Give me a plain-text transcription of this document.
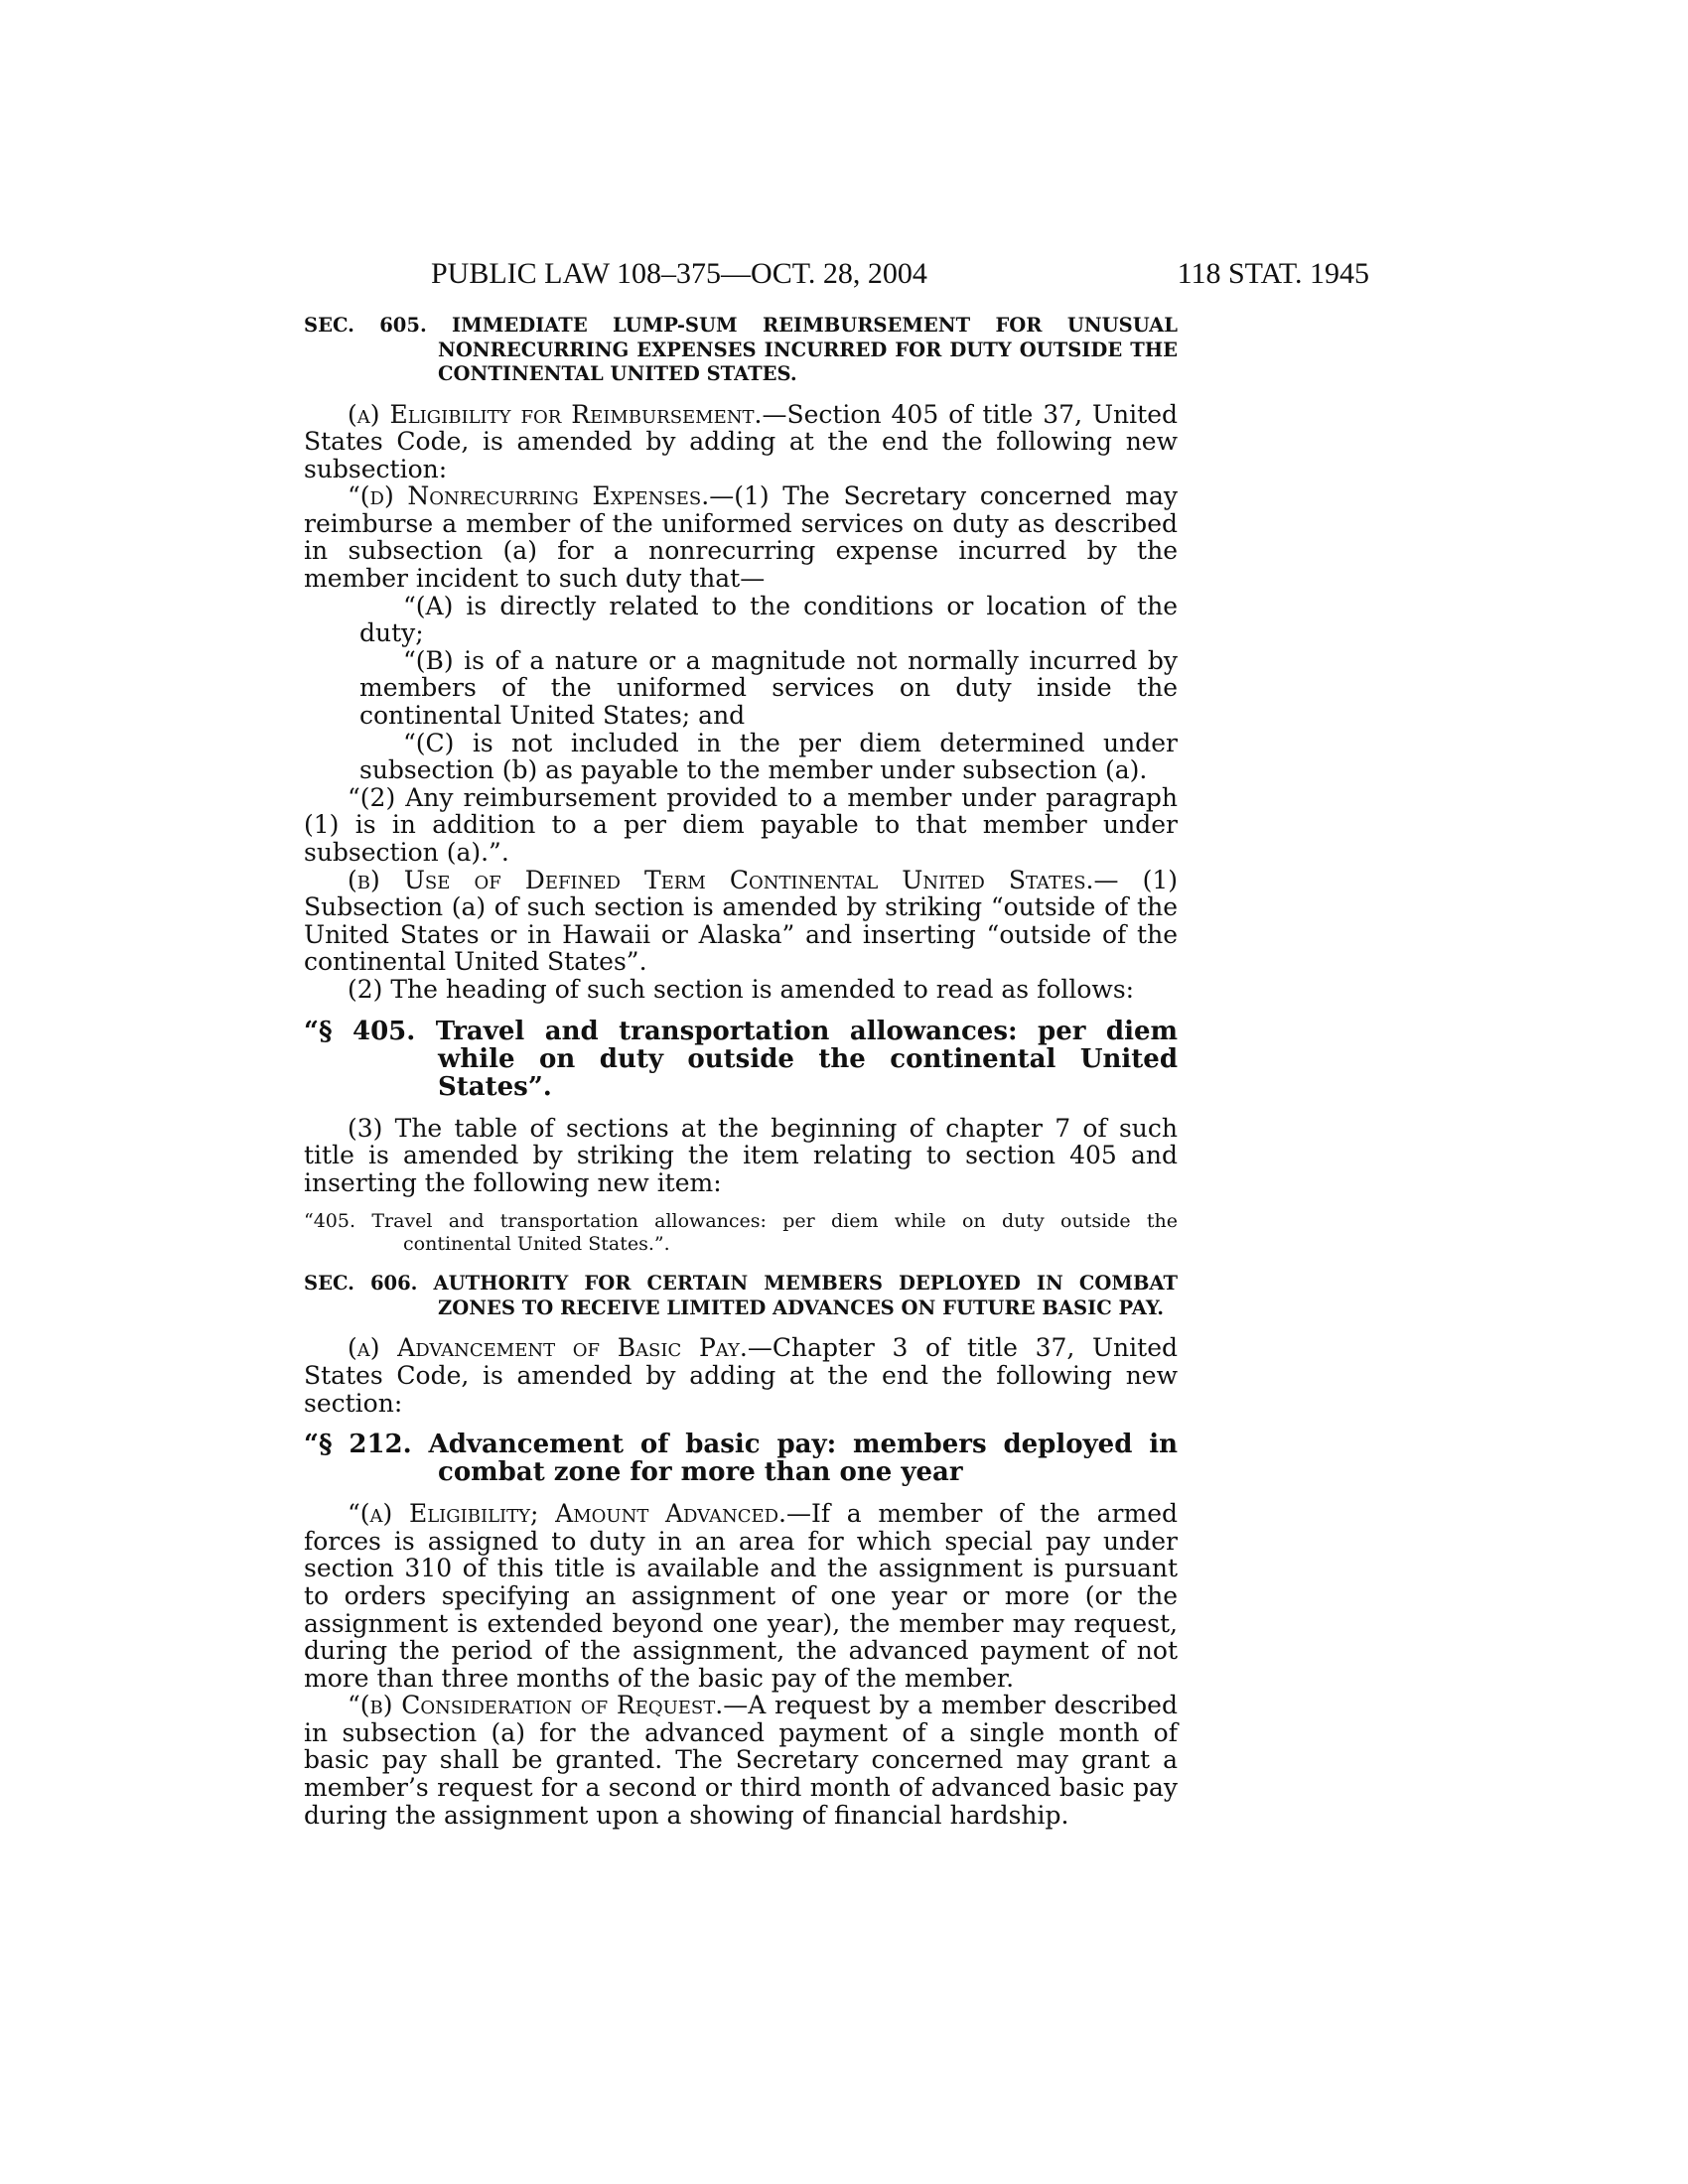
PUBLIC LAW 108–375—OCT. 28, 2004	118 STAT. 1945

SEC. 605. IMMEDIATE LUMP-SUM REIMBURSEMENT FOR UNUSUAL NONRECURRING EXPENSES INCURRED FOR DUTY OUTSIDE THE CONTINENTAL UNITED STATES.

(a) Eligibility for Reimbursement.—Section 405 of title 37, United States Code, is amended by adding at the end the following new subsection:

“(d) Nonrecurring Expenses.—(1) The Secretary concerned may reimburse a member of the uniformed services on duty as described in subsection (a) for a nonrecurring expense incurred by the member incident to such duty that—

“(A) is directly related to the conditions or location of the duty;

“(B) is of a nature or a magnitude not normally incurred by members of the uniformed services on duty inside the continental United States; and

“(C) is not included in the per diem determined under subsection (b) as payable to the member under subsection (a).

“(2) Any reimbursement provided to a member under paragraph (1) is in addition to a per diem payable to that member under subsection (a).”.

(b) Use of Defined Term Continental United States.— (1) Subsection (a) of such section is amended by striking “outside of the United States or in Hawaii or Alaska” and inserting “outside of the continental United States”.

(2) The heading of such section is amended to read as follows:

“§ 405. Travel and transportation allowances: per diem while on duty outside the continental United States”.

(3) The table of sections at the beginning of chapter 7 of such title is amended by striking the item relating to section 405 and inserting the following new item:

“405. Travel and transportation allowances: per diem while on duty outside the continental United States.”.

SEC. 606. AUTHORITY FOR CERTAIN MEMBERS DEPLOYED IN COMBAT ZONES TO RECEIVE LIMITED ADVANCES ON FUTURE BASIC PAY.

(a) Advancement of Basic Pay.—Chapter 3 of title 37, United States Code, is amended by adding at the end the following new section:

“§ 212. Advancement of basic pay: members deployed in combat zone for more than one year

“(a) Eligibility; Amount Advanced.—If a member of the armed forces is assigned to duty in an area for which special pay under section 310 of this title is available and the assignment is pursuant to orders specifying an assignment of one year or more (or the assignment is extended beyond one year), the member may request, during the period of the assignment, the advanced payment of not more than three months of the basic pay of the member.

“(b) Consideration of Request.—A request by a member described in subsection (a) for the advanced payment of a single month of basic pay shall be granted. The Secretary concerned may grant a member’s request for a second or third month of advanced basic pay during the assignment upon a showing of financial hardship.
